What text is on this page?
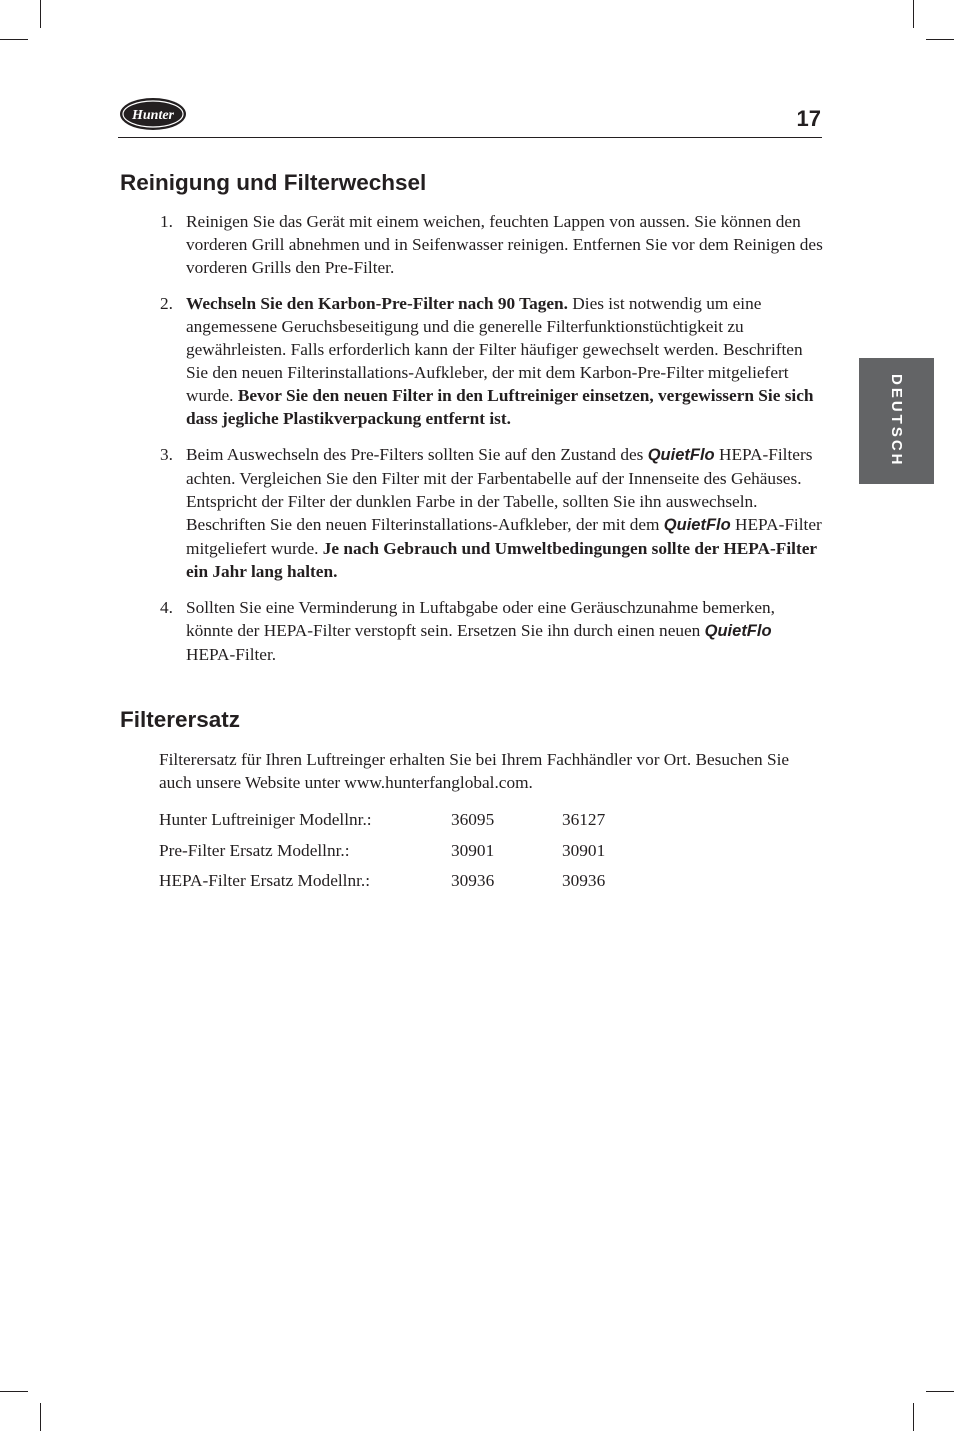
Hunter	17
DEUTSCH
Reinigung und Filterwechsel
1. Reinigen Sie das Gerät mit einem weichen, feuchten Lappen von aussen. Sie können den vorderen Grill abnehmen und in Seifenwasser reinigen. Entfernen Sie vor dem Reinigen des vorderen Grills den Pre-Filter.
2. Wechseln Sie den Karbon-Pre-Filter nach 90 Tagen. Dies ist notwendig um eine angemessene Geruchsbeseitigung und die generelle Filterfunktionstüchtigkeit zu gewährleisten. Falls erforderlich kann der Filter häufiger gewechselt werden. Beschriften Sie den neuen Filterinstallations-Aufkleber, der mit dem Karbon-Pre-Filter mitgeliefert wurde. Bevor Sie den neuen Filter in den Luftreiniger einsetzen, vergewissern Sie sich dass jegliche Plastikverpackung entfernt ist.
3. Beim Auswechseln des Pre-Filters sollten Sie auf den Zustand des QuietFlo HEPA-Filters achten. Vergleichen Sie den Filter mit der Farbentabelle auf der Innenseite des Gehäuses. Entspricht der Filter der dunklen Farbe in der Tabelle, sollten Sie ihn auswechseln. Beschriften Sie den neuen Filterinstallations-Aufkleber, der mit dem QuietFlo HEPA-Filter mitgeliefert wurde. Je nach Gebrauch und Umweltbedingungen sollte der HEPA-Filter ein Jahr lang halten.
4. Sollten Sie eine Verminderung in Luftabgabe oder eine Geräuschzunahme bemerken, könnte der HEPA-Filter verstopft sein. Ersetzen Sie ihn durch einen neuen QuietFlo HEPA-Filter.
Filterersatz

Filterersatz für Ihren Luftreinger erhalten Sie bei Ihrem Fachhändler vor Ort. Besuchen Sie auch unsere Website unter www.hunterfanglobal.com.

Hunter Luftreiniger Modellnr.:	36095	36127
Pre-Filter Ersatz Modellnr.:	30901	30901
HEPA-Filter Ersatz Modellnr.:	30936	30936
